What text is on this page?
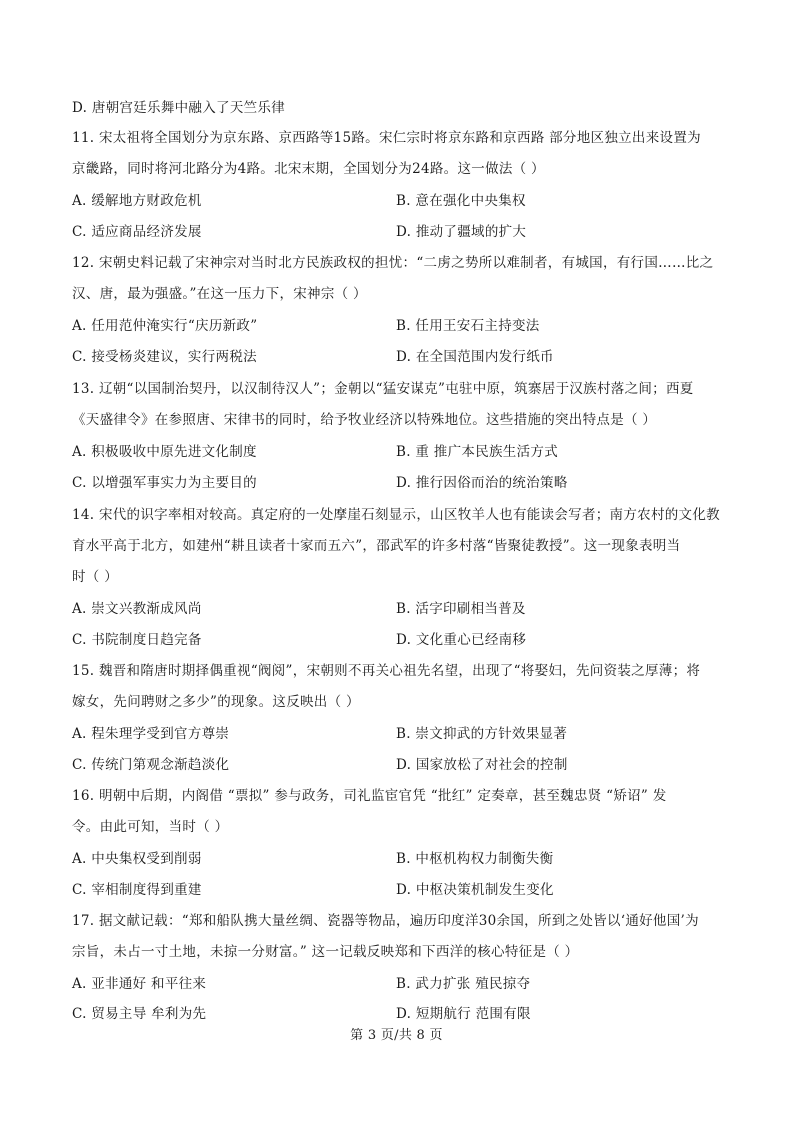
D. 唐朝宫廷乐舞中融入了天竺乐律
11. 宋太祖将全国划分为京东路、京西路等15路。宋仁宗时将京东路和京西路 部分地区独立出来设置为
京畿路，同时将河北路分为4路。北宋末期，全国划分为24路。这一做法（ ）
A. 缓解地方财政危机	B. 意在强化中央集权
C. 适应商品经济发展	D. 推动了疆域的扩大
12. 宋朝史料记载了宋神宗对当时北方民族政权的担忧：“二虏之势所以难制者，有城国，有行国……比之
汉、唐，最为强盛。”在这一压力下，宋神宗（ ）
A. 任用范仲淹实行“庆历新政”	B. 任用王安石主持变法
C. 接受杨炎建议，实行两税法	D. 在全国范围内发行纸币
13. 辽朝“以国制治契丹，以汉制待汉人”；金朝以“猛安谋克”屯驻中原，筑寨居于汉族村落之间；西夏
《天盛律令》在参照唐、宋律书的同时，给予牧业经济以特殊地位。这些措施的突出特点是（ ）
A. 积极吸收中原先进文化制度	B. 重 推广本民族生活方式
C. 以增强军事实力为主要目的	D. 推行因俗而治的统治策略
14. 宋代的识字率相对较高。真定府的一处摩崖石刻显示，山区牧羊人也有能读会写者；南方农村的文化教
育水平高于北方，如建州“耕且读者十家而五六”，邵武军的许多村落“皆聚徒教授”。这一现象表明当
时（ ）
A. 崇文兴教渐成风尚	B. 活字印刷相当普及
C. 书院制度日趋完备	D. 文化重心已经南移
15. 魏晋和隋唐时期择偶重视“阀阅”，宋朝则不再关心祖先名望，出现了“将娶妇，先问资装之厚薄；将
嫁女，先问聘财之多少”的现象。这反映出（ ）
A. 程朱理学受到官方尊崇	B. 崇文抑武的方针效果显著
C. 传统门第观念渐趋淡化	D. 国家放松了对社会的控制
16. 明朝中后期，内阁借 “票拟” 参与政务，司礼监宦官凭 “批红” 定奏章，甚至魏忠贤 “矫诏” 发
令。由此可知，当时（ ）
A. 中央集权受到削弱	B. 中枢机构权力制衡失衡
C. 宰相制度得到重建	D. 中枢决策机制发生变化
17. 据文献记载：“郑和船队携大量丝绸、瓷器等物品，遍历印度洋30余国，所到之处皆以‘通好他国’为
宗旨，未占一寸土地，未掠一分财富。” 这一记载反映郑和下西洋的核心特征是（ ）
A. 亚非通好 和平往来	B. 武力扩张 殖民掠夺
C. 贸易主导 牟利为先	D. 短期航行 范围有限
第 3 页/共 8 页
